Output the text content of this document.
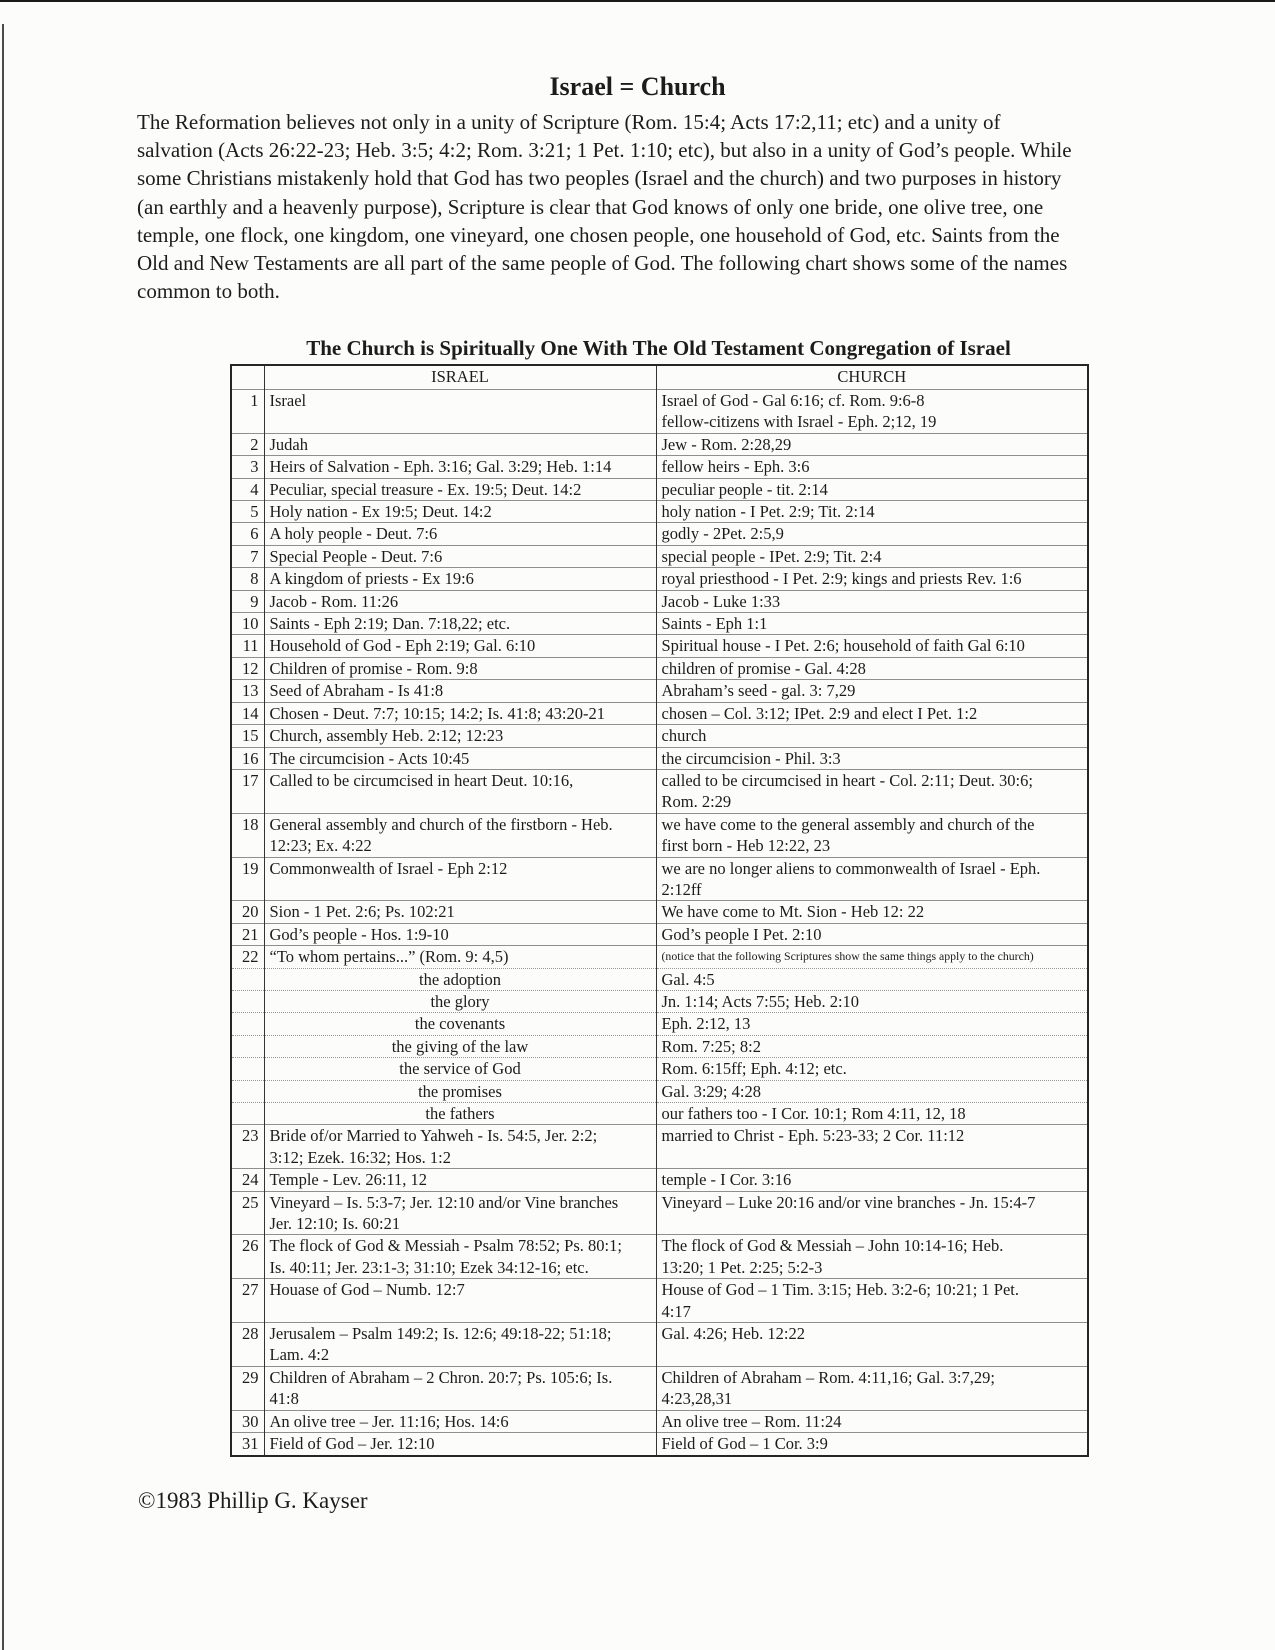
Israel = Church
The Reformation believes not only in a unity of Scripture (Rom. 15:4; Acts 17:2,11; etc) and a unity of
salvation (Acts 26:22-23; Heb. 3:5; 4:2; Rom. 3:21; 1 Pet. 1:10; etc), but also in a unity of God’s people. While
some Christians mistakenly hold that God has two peoples (Israel and the church) and two purposes in history
(an earthly and a heavenly purpose), Scripture is clear that God knows of only one bride, one olive tree, one
temple, one flock, one kingdom, one vineyard, one chosen people, one household of God, etc. Saints from the
Old and New Testaments are all part of the same people of God. The following chart shows some of the names
common to both.
The Church is Spiritually One With The Old Testament Congregation of Israel
	ISRAEL	CHURCH
1	Israel	Israel of God - Gal 6:16; cf. Rom. 9:6-8
fellow-citizens with Israel - Eph. 2;12, 19
2	Judah	Jew - Rom. 2:28,29
3	Heirs of Salvation - Eph. 3:16; Gal. 3:29; Heb. 1:14	fellow heirs - Eph. 3:6
4	Peculiar, special treasure - Ex. 19:5; Deut. 14:2	peculiar people - tit. 2:14
5	Holy nation - Ex 19:5; Deut. 14:2	holy nation - I Pet. 2:9; Tit. 2:14
6	A holy people - Deut. 7:6	godly - 2Pet. 2:5,9
7	Special People - Deut. 7:6	special people - IPet. 2:9; Tit. 2:4
8	A kingdom of priests - Ex 19:6	royal priesthood - I Pet. 2:9; kings and priests Rev. 1:6
9	Jacob - Rom. 11:26	Jacob - Luke 1:33
10	Saints - Eph 2:19; Dan. 7:18,22; etc.	Saints - Eph 1:1
11	Household of God - Eph 2:19; Gal. 6:10	Spiritual house - I Pet. 2:6; household of faith Gal 6:10
12	Children of promise - Rom. 9:8	children of promise - Gal. 4:28
13	Seed of Abraham - Is 41:8	Abraham’s seed - gal. 3: 7,29
14	Chosen - Deut. 7:7; 10:15; 14:2; Is. 41:8; 43:20-21	chosen – Col. 3:12; IPet. 2:9 and elect I Pet. 1:2
15	Church, assembly Heb. 2:12; 12:23	church
16	The circumcision - Acts 10:45	the circumcision - Phil. 3:3
17	Called to be circumcised in heart Deut. 10:16,	called to be circumcised in heart - Col. 2:11; Deut. 30:6;
Rom. 2:29
18	General assembly and church of the firstborn - Heb.
12:23; Ex. 4:22	we have come to the general assembly and church of the
first born - Heb 12:22, 23
19	Commonwealth of Israel - Eph 2:12	we are no longer aliens to commonwealth of Israel - Eph.
2:12ff
20	Sion - 1 Pet. 2:6; Ps. 102:21	We have come to Mt. Sion - Heb 12: 22
21	God’s people - Hos. 1:9-10	God’s people I Pet. 2:10
22	“To whom pertains...” (Rom. 9: 4,5)	(notice that the following Scriptures show the same things apply to the church)
	the adoption	Gal. 4:5
	the glory	Jn. 1:14; Acts 7:55; Heb. 2:10
	the covenants	Eph. 2:12, 13
	the giving of the law	Rom. 7:25; 8:2
	the service of God	Rom. 6:15ff; Eph. 4:12; etc.
	the promises	Gal. 3:29; 4:28
	the fathers	our fathers too - I Cor. 10:1; Rom 4:11, 12, 18
23	Bride of/or Married to Yahweh - Is. 54:5, Jer. 2:2;
3:12; Ezek. 16:32; Hos. 1:2	married to Christ - Eph. 5:23-33; 2 Cor. 11:12
24	Temple - Lev. 26:11, 12	temple - I Cor. 3:16
25	Vineyard – Is. 5:3-7; Jer. 12:10 and/or Vine branches
Jer. 12:10; Is. 60:21	Vineyard – Luke 20:16 and/or vine branches - Jn. 15:4-7
26	The flock of God & Messiah - Psalm 78:52; Ps. 80:1;
Is. 40:11; Jer. 23:1-3; 31:10; Ezek 34:12-16; etc.	The flock of God & Messiah – John 10:14-16; Heb.
13:20; 1 Pet. 2:25; 5:2-3
27	Houase of God – Numb. 12:7	House of God – 1 Tim. 3:15; Heb. 3:2-6; 10:21; 1 Pet.
4:17
28	Jerusalem – Psalm 149:2; Is. 12:6; 49:18-22; 51:18;
Lam. 4:2	Gal. 4:26; Heb. 12:22
29	Children of Abraham – 2 Chron. 20:7; Ps. 105:6; Is.
41:8	Children of Abraham – Rom. 4:11,16; Gal. 3:7,29;
4:23,28,31
30	An olive tree – Jer. 11:16; Hos. 14:6	An olive tree – Rom. 11:24
31	Field of God – Jer. 12:10	Field of God – 1 Cor. 3:9
©1983 Phillip G. Kayser
